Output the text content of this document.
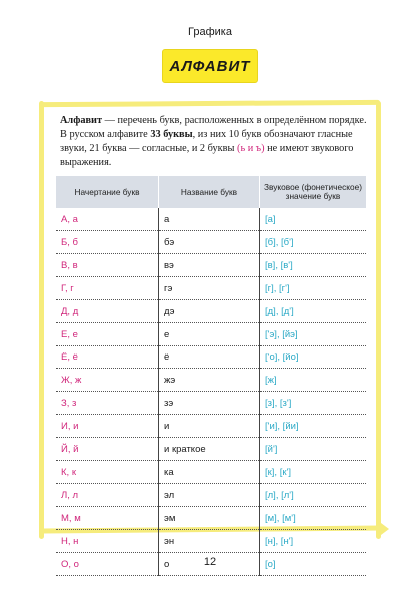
Графика
АЛФАВИТ

Алфавит — перечень букв, расположенных в определённом порядке. В русском алфавите 33 буквы, из них 10 букв обозначают гласные звуки, 21 буква — согласные, и 2 буквы (ь и ъ) не имеют звукового выражения.

Начертание букв	Название букв	Звуковое (фонетическое) значение букв
А, а	а	[а]
Б, б	бэ	[б], [б']
В, в	вэ	[в], [в']
Г, г	гэ	[г], [г']
Д, д	дэ	[д], [д']
Е, е	е	['э], [йэ]
Ё, ё	ё	['о], [йо]
Ж, ж	жэ	[ж]
З, з	зэ	[з], [з']
И, и	и	['и], [йи]
Й, й	и краткое	[й']
К, к	ка	[к], [к']
Л, л	эл	[л], [л']
М, м	эм	[м], [м']
Н, н	эн	[н], [н']
О, о	о	[о]
12
